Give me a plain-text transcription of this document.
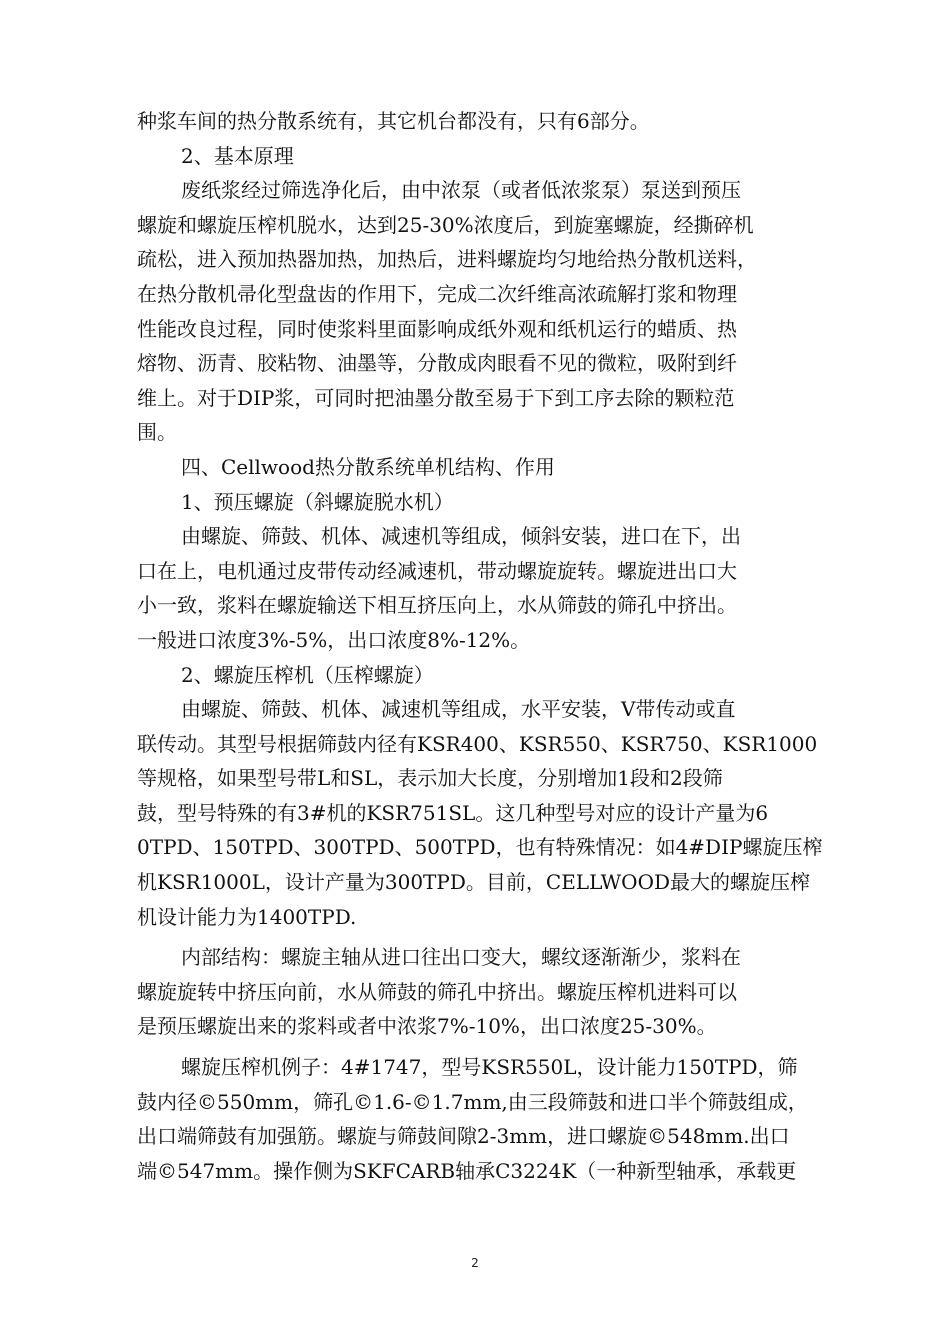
种浆车间的热分散系统有，其它机台都没有，只有6部分。

2、基本原理

废纸浆经过筛选净化后，由中浓泵（或者低浓浆泵）泵送到预压

螺旋和螺旋压榨机脱水，达到25-30%浓度后，到旋塞螺旋，经撕碎机

疏松，进入预加热器加热，加热后，进料螺旋均匀地给热分散机送料，

在热分散机帚化型盘齿的作用下，完成二次纤维高浓疏解打浆和物理

性能改良过程，同时使浆料里面影响成纸外观和纸机运行的蜡质、热

熔物、沥青、胶粘物、油墨等，分散成肉眼看不见的微粒，吸附到纤

维上。对于DIP浆，可同时把油墨分散至易于下到工序去除的颗粒范

围。

四、Cellwood热分散系统单机结构、作用

1、预压螺旋（斜螺旋脱水机）

由螺旋、筛鼓、机体、减速机等组成，倾斜安装，进口在下，出

口在上，电机通过皮带传动经减速机，带动螺旋旋转。螺旋进出口大

小一致，浆料在螺旋输送下相互挤压向上，水从筛鼓的筛孔中挤出。

一般进口浓度3%-5%，出口浓度8%-12%。

2、螺旋压榨机（压榨螺旋）

由螺旋、筛鼓、机体、减速机等组成，水平安装，V带传动或直

联传动。其型号根据筛鼓内径有KSR400、KSR550、KSR750、KSR1000

等规格，如果型号带L和SL，表示加大长度，分别增加1段和2段筛

鼓，型号特殊的有3#机的KSR751SL。这几种型号对应的设计产量为6

0TPD、150TPD、300TPD、500TPD，也有特殊情况：如4#DIP螺旋压榨

机KSR1000L，设计产量为300TPD。目前，CELLWOOD最大的螺旋压榨

机设计能力为1400TPD.

内部结构：螺旋主轴从进口往出口变大，螺纹逐渐渐少，浆料在

螺旋旋转中挤压向前，水从筛鼓的筛孔中挤出。螺旋压榨机进料可以

是预压螺旋出来的浆料或者中浓浆7%-10%，出口浓度25-30%。

螺旋压榨机例子：4#1747，型号KSR550L，设计能力150TPD，筛

鼓内径©550mm，筛孔©1.6-©1.7mm,由三段筛鼓和进口半个筛鼓组成，

出口端筛鼓有加强筋。螺旋与筛鼓间隙2-3mm，进口螺旋©548mm.出口

端©547mm。操作侧为SKFCARB轴承C3224K（一种新型轴承，承载更

2
